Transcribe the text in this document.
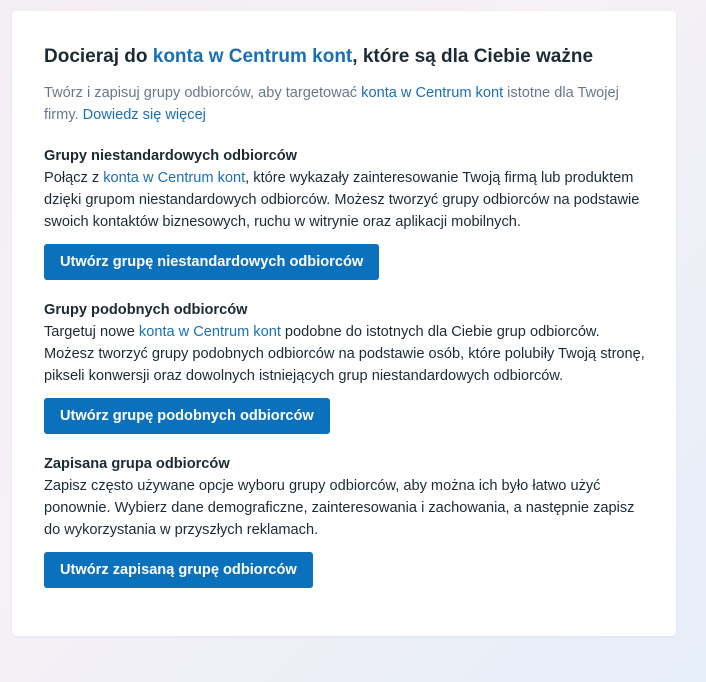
Docieraj do konta w Centrum kont, które są dla Ciebie ważne
Twórz i zapisuj grupy odbiorców, aby targetować konta w Centrum kont istotne dla Twojej firmy. Dowiedz się więcej
Grupy niestandardowych odbiorców

Połącz z konta w Centrum kont, które wykazały zainteresowanie Twoją firmą lub produktem dzięki grupom niestandardowych odbiorców. Możesz tworzyć grupy odbiorców na podstawie swoich kontaktów biznesowych, ruchu w witrynie oraz aplikacji mobilnych.

Utwórz grupę niestandardowych odbiorców
Grupy podobnych odbiorców

Targetuj nowe konta w Centrum kont podobne do istotnych dla Ciebie grup odbiorców. Możesz tworzyć grupy podobnych odbiorców na podstawie osób, które polubiły Twoją stronę, pikseli konwersji oraz dowolnych istniejących grup niestandardowych odbiorców.

Utwórz grupę podobnych odbiorców
Zapisana grupa odbiorców

Zapisz często używane opcje wyboru grupy odbiorców, aby można ich było łatwo użyć ponownie. Wybierz dane demograficzne, zainteresowania i zachowania, a następnie zapisz do wykorzystania w przyszłych reklamach.

Utwórz zapisaną grupę odbiorców
